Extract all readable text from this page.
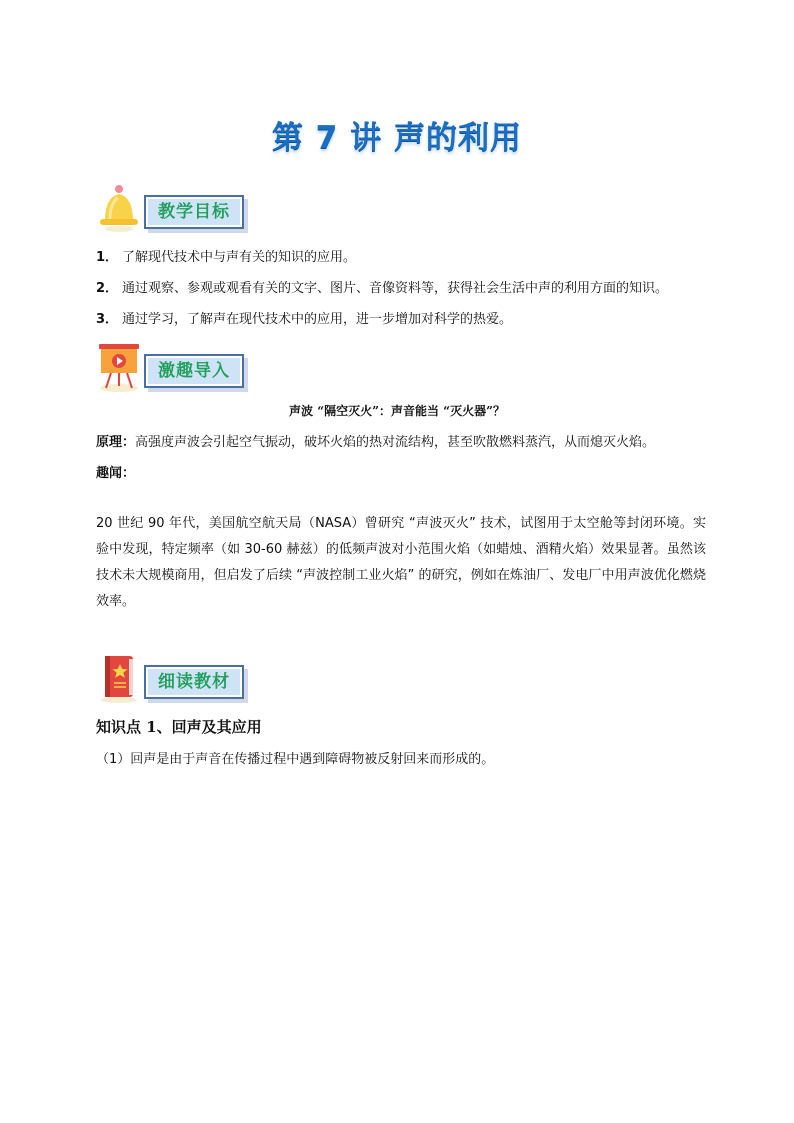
第 7 讲 声的利用
教学目标
1． 了解现代技术中与声有关的知识的应用。
2． 通过观察、参观或观看有关的文字、图片、音像资料等，获得社会生活中声的利用方面的知识。
3． 通过学习，了解声在现代技术中的应用，进一步增加对科学的热爱。
激趣导入
声波 “隔空灭火”：声音能当 “灭火器”？
原理：高强度声波会引起空气振动，破坏火焰的热对流结构，甚至吹散燃料蒸汽，从而熄灭火焰。
趣闻：
20 世纪 90 年代，美国航空航天局（NASA）曾研究 “声波灭火” 技术，试图用于太空舱等封闭环境。实验中发现，特定频率（如 30-60 赫兹）的低频声波对小范围火焰（如蜡烛、酒精火焰）效果显著。虽然该技术未大规模商用，但启发了后续 “声波控制工业火焰” 的研究，例如在炼油厂、发电厂中用声波优化燃烧效率。
细读教材
知识点 1、回声及其应用
（1）回声是由于声音在传播过程中遇到障碍物被反射回来而形成的。
